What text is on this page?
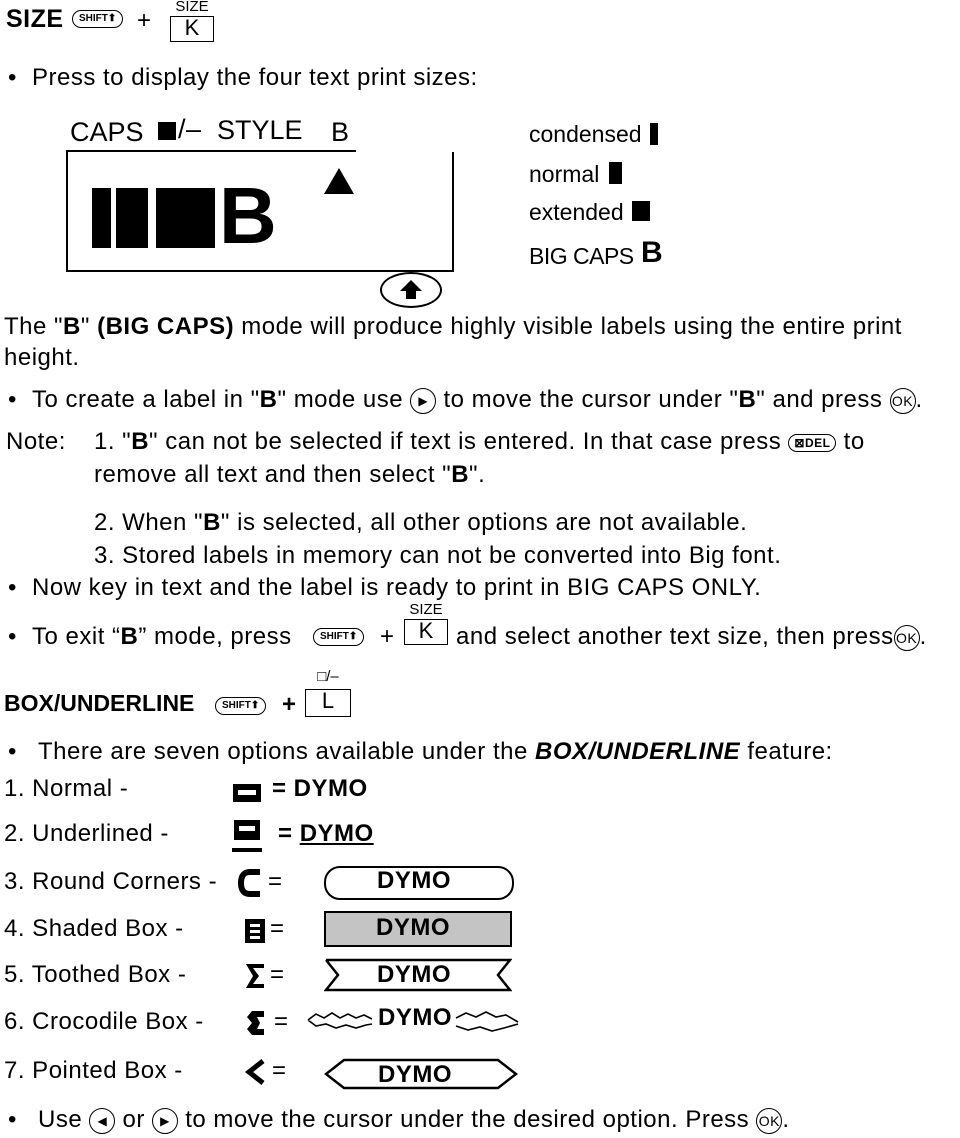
SIZE	SHIFT⬆ +
SIZE
K
• Press to display the four text print sizes:
CAPS /– STYLE B
B
condensed
normal
extended
BIG CAPS B
The "B" (BIG CAPS) mode will produce highly visible labels using the entire print
height.
• To create a label in "B" mode use ▶ to move the cursor under "B" and press OK.
Note: 1. "B" can not be selected if text is entered. In that case press ⊠DEL to
remove all text and then select "B".
2. When "B" is selected, all other options are not available.
3. Stored labels in memory can not be converted into Big font.
• Now key in text and the label is ready to print in BIG CAPS ONLY.
• To exit “B” mode, press	SHIFT⬆ +
SIZE
K and select another text size, then press OK.
BOX/UNDERLINE	SHIFT⬆ +
□/–
L
• There are seven options available under the BOX/UNDERLINE feature:
1. Normal -	= DYMO
2. Underlined -	= DYMO
3. Round Corners - =	DYMO
4. Shaded Box -	=	DYMO
5. Toothed Box -	=	DYMO
6. Crocodile Box -	=	DYMO
7. Pointed Box -	=	DYMO
• Use ◀ or ▶ to move the cursor under the desired option. Press OK.
